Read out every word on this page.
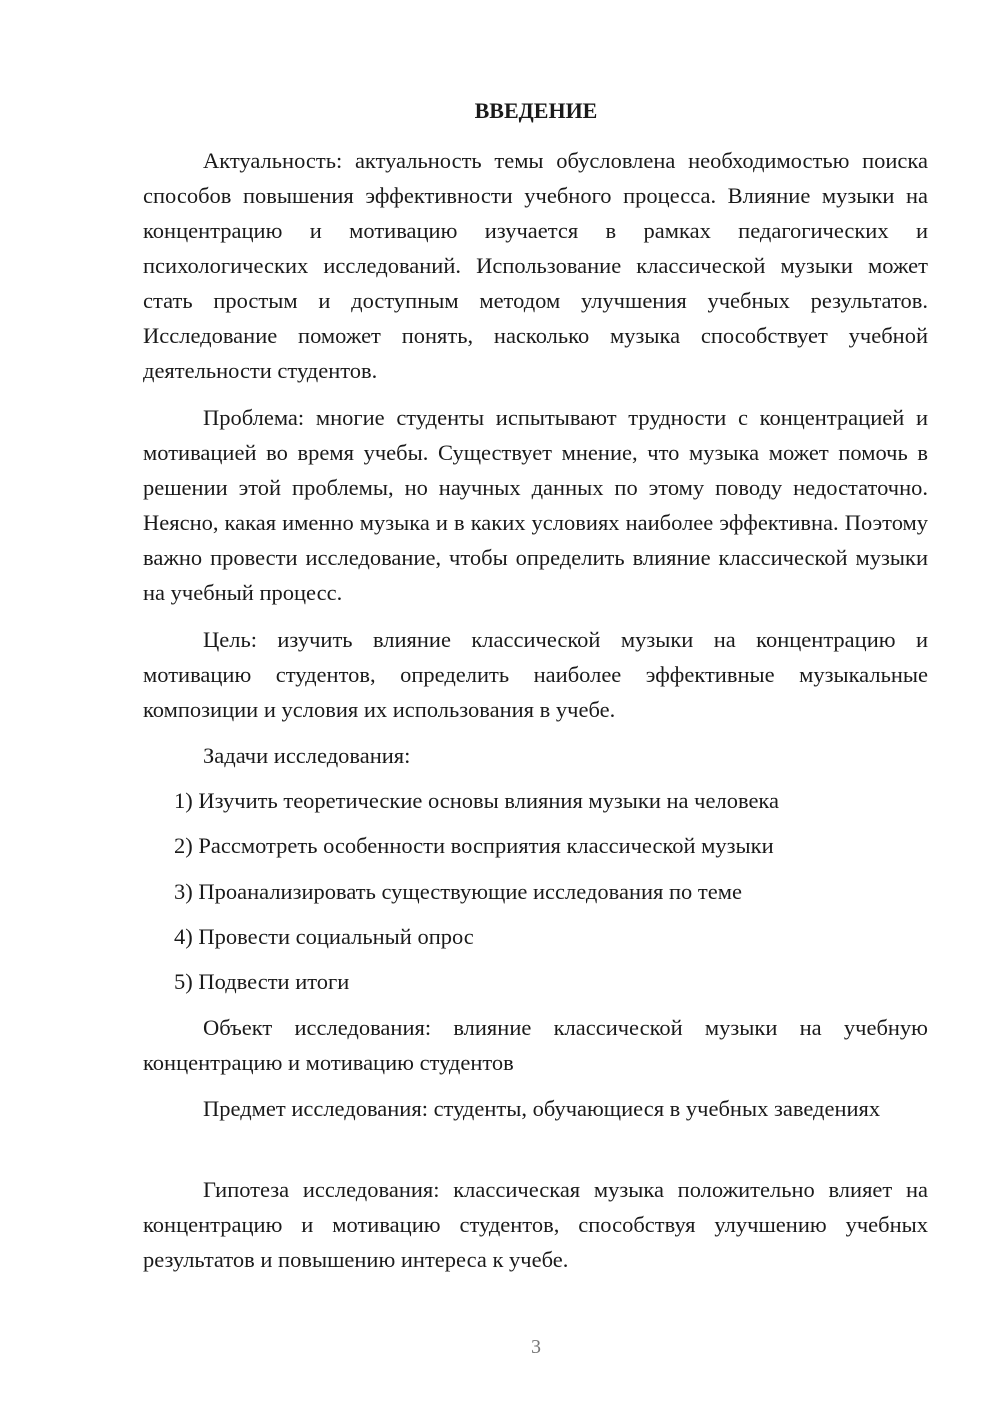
ВВЕДЕНИЕ

Актуальность: актуальность темы обусловлена необходимостью поиска способов повышения эффективности учебного процесса. Влияние музыки на концентрацию и мотивацию изучается в рамках педагогических и психологических исследований. Использование классической музыки может стать простым и доступным методом улучшения учебных результатов. Исследование поможет понять, насколько музыка способствует учебной деятельности студентов.

Проблема: многие студенты испытывают трудности с концентрацией и мотивацией во время учебы. Существует мнение, что музыка может помочь в решении этой проблемы, но научных данных по этому поводу недостаточно. Неясно, какая именно музыка и в каких условиях наиболее эффективна. Поэтому важно провести исследование, чтобы определить влияние классической музыки на учебный процесс.

Цель: изучить влияние классической музыки на концентрацию и мотивацию студентов, определить наиболее эффективные музыкальные композиции и условия их использования в учебе.

Задачи исследования:

1) Изучить теоретические основы влияния музыки на человека

2) Рассмотреть особенности восприятия классической музыки

3) Проанализировать существующие исследования по теме

4) Провести социальный опрос

5) Подвести итоги

Объект исследования: влияние классической музыки на учебную концентрацию и мотивацию студентов

Предмет исследования: студенты, обучающиеся в учебных заведениях

Гипотеза исследования: классическая музыка положительно влияет на концентрацию и мотивацию студентов, способствуя улучшению учебных результатов и повышению интереса к учебе.

3
